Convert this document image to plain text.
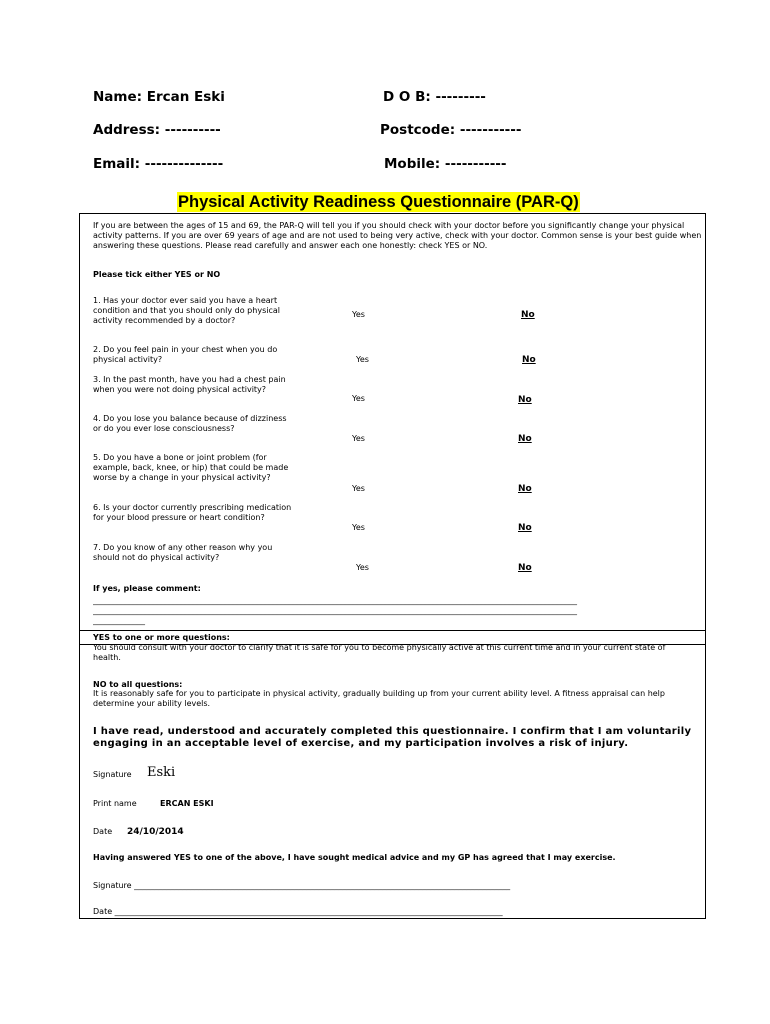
Name: Ercan Eski	D O B: ---------
Address: ----------	Postcode: -----------
Email: --------------	Mobile: -----------
Physical Activity Readiness Questionnaire (PAR-Q)
If you are between the ages of 15 and 69, the PAR-Q will tell you if you should check with your doctor before you significantly change your physical activity patterns. If you are over 69 years of age and are not used to being very active, check with your doctor. Common sense is your best guide when answering these questions. Please read carefully and answer each one honestly: check YES or NO.
Please tick either YES or NO
1. Has your doctor ever said you have a heart condition and that you should only do physical activity recommended by a doctor?
Yes	No
2. Do you feel pain in your chest when you do physical activity?	Yes	No
3. In the past month, have you had a chest pain when you were not doing physical activity?
Yes	No
4. Do you lose you balance because of dizziness or do you ever lose consciousness?
Yes	No
5. Do you have a bone or joint problem (for example, back, knee, or hip) that could be made worse by a change in your physical activity?
Yes	No
6. Is your doctor currently prescribing medication for your blood pressure or heart condition?
Yes	No
7. Do you know of any other reason why you should not do physical activity?
Yes	No
If yes, please comment:
_________________________________________________________________________________________________________________________
_________________________________________________________________________________________________________________________
_____________
YES to one or more questions:
You should consult with your doctor to clarify that it is safe for you to become physically active at this current time and in your current state of health.
NO to all questions:
It is reasonably safe for you to participate in physical activity, gradually building up from your current ability level. A fitness appraisal can help determine your ability levels.
I have read, understood and accurately completed this questionnaire. I confirm that I am voluntarily engaging in an acceptable level of exercise, and my participation involves a risk of injury.
Signature Eski
Print name	ERCAN ESKI
Date 24/10/2014
Having answered YES to one of the above, I have sought medical advice and my GP has agreed that I may exercise.
Signature ______________________________________________________________________________________________
Date _________________________________________________________________________________________________
